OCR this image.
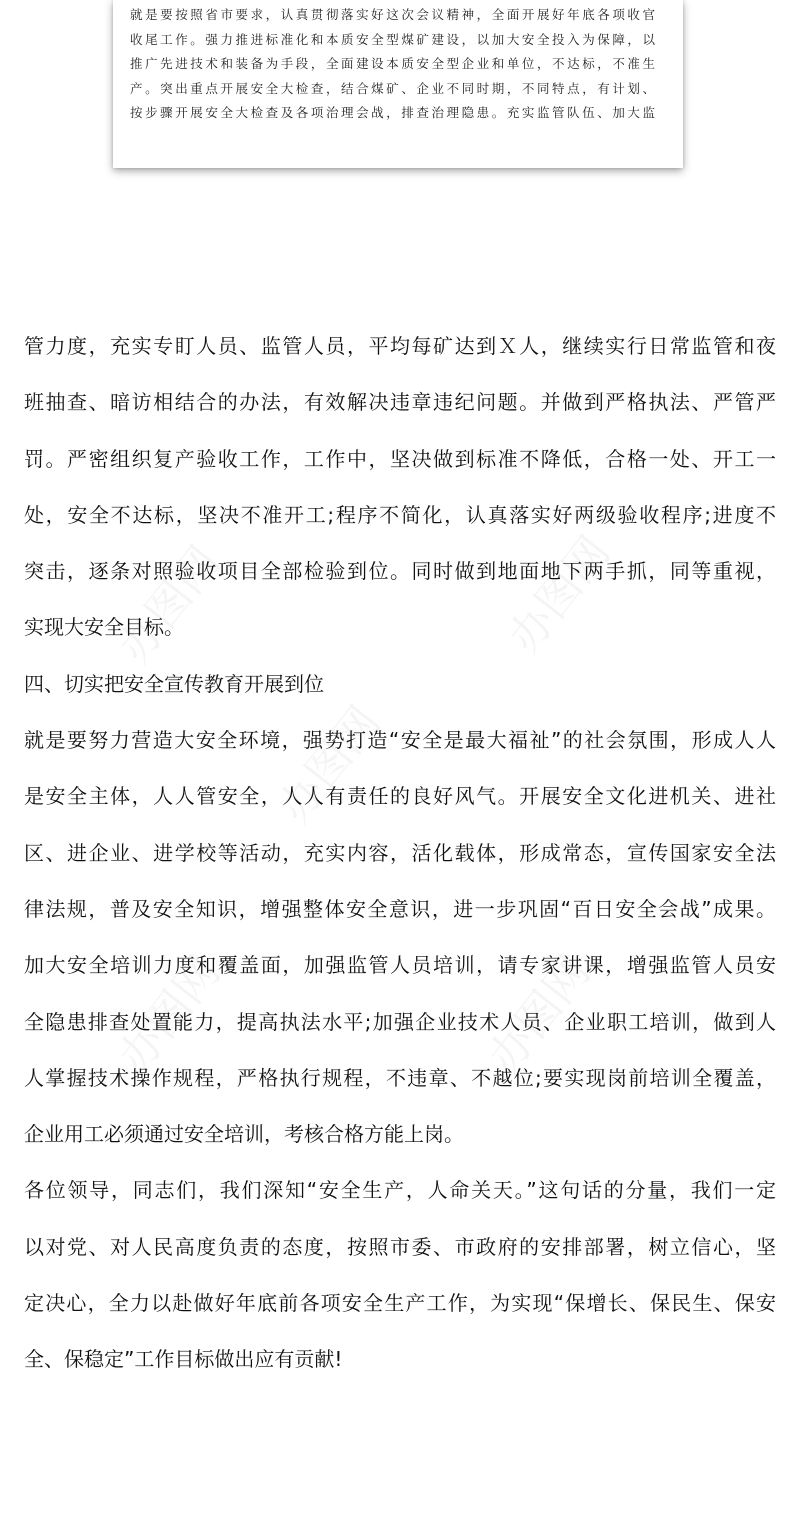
就是要按照省市要求，认真贯彻落实好这次会议精神，全面开展好年底各项收官
收尾工作。强力推进标准化和本质安全型煤矿建设，以加大安全投入为保障，以
推广先进技术和装备为手段，全面建设本质安全型企业和单位，不达标，不准生
产。突出重点开展安全大检查，结合煤矿、企业不同时期，不同特点，有计划、
按步骤开展安全大检查及各项治理会战，排查治理隐患。充实监管队伍、加大监
管力度，充实专盯人员、监管人员，平均每矿达到Ｘ人，继续实行日常监管和夜
班抽查、暗访相结合的办法，有效解决违章违纪问题。并做到严格执法、严管严
罚。严密组织复产验收工作，工作中，坚决做到标准不降低，合格一处、开工一
处，安全不达标，坚决不准开工;程序不简化，认真落实好两级验收程序;进度不
突击，逐条对照验收项目全部检验到位。同时做到地面地下两手抓，同等重视，
实现大安全目标。
四、切实把安全宣传教育开展到位
就是要努力营造大安全环境，强势打造“安全是最大福祉”的社会氛围，形成人人
是安全主体，人人管安全，人人有责任的良好风气。开展安全文化进机关、进社
区、进企业、进学校等活动，充实内容，活化载体，形成常态，宣传国家安全法
律法规，普及安全知识，增强整体安全意识，进一步巩固“百日安全会战”成果。
加大安全培训力度和覆盖面，加强监管人员培训，请专家讲课，增强监管人员安
全隐患排查处置能力，提高执法水平;加强企业技术人员、企业职工培训，做到人
人掌握技术操作规程，严格执行规程，不违章、不越位;要实现岗前培训全覆盖，
企业用工必须通过安全培训，考核合格方能上岗。
各位领导，同志们，我们深知“安全生产，人命关天。”这句话的分量，我们一定
以对党、对人民高度负责的态度，按照市委、市政府的安排部署，树立信心，坚
定决心，全力以赴做好年底前各项安全生产工作，为实现“保增长、保民生、保安
全、保稳定”工作目标做出应有贡献!
